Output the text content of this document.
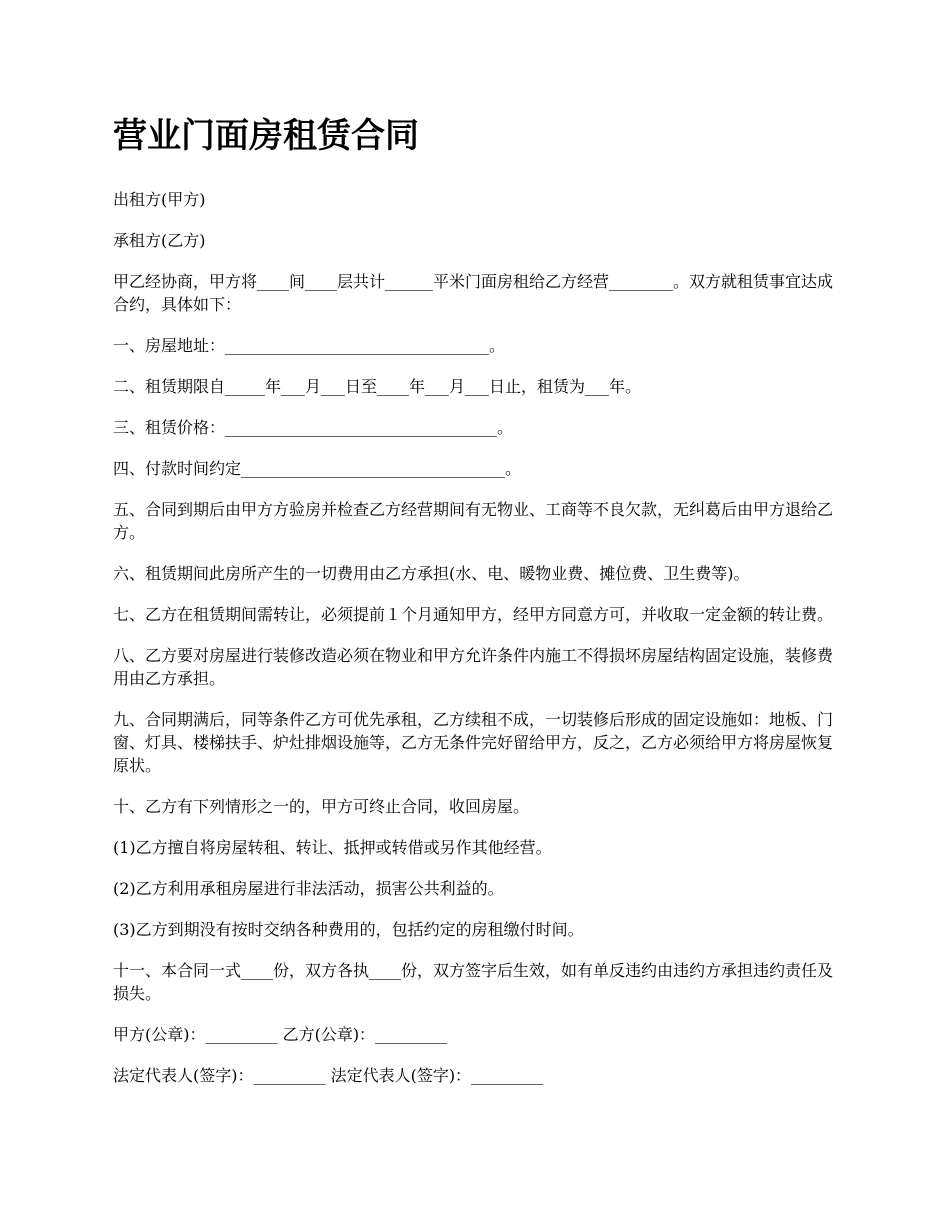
营业门面房租赁合同

出租方(甲方)

承租方(乙方)

甲乙经协商，甲方将____间____层共计______平米门面房租给乙方经营________。双方就租赁事宜达成合约，具体如下：

一、房屋地址：_________________________________。

二、租赁期限自_____年___月___日至____年___月___日止，租赁为___年。

三、租赁价格：__________________________________。

四、付款时间约定_________________________________。

五、合同到期后由甲方方验房并检查乙方经营期间有无物业、工商等不良欠款，无纠葛后由甲方退给乙方。

六、租赁期间此房所产生的一切费用由乙方承担(水、电、暖物业费、摊位费、卫生费等)。

七、乙方在租赁期间需转让，必须提前１个月通知甲方，经甲方同意方可，并收取一定金额的转让费。

八、乙方要对房屋进行装修改造必须在物业和甲方允许条件内施工不得损坏房屋结构固定设施，装修费用由乙方承担。

九、合同期满后，同等条件乙方可优先承租，乙方续租不成，一切装修后形成的固定设施如：地板、门窗、灯具、楼梯扶手、炉灶排烟设施等，乙方无条件完好留给甲方，反之，乙方必须给甲方将房屋恢复原状。

十、乙方有下列情形之一的，甲方可终止合同，收回房屋。

(1)乙方擅自将房屋转租、转让、抵押或转借或另作其他经营。

(2)乙方利用承租房屋进行非法活动，损害公共利益的。

(3)乙方到期没有按时交纳各种费用的，包括约定的房租缴付时间。

十一、本合同一式____份，双方各执____份，双方签字后生效，如有单反违约由违约方承担违约责任及损失。

甲方(公章)：_________ 乙方(公章)：_________

法定代表人(签字)：_________ 法定代表人(签字)：_________
